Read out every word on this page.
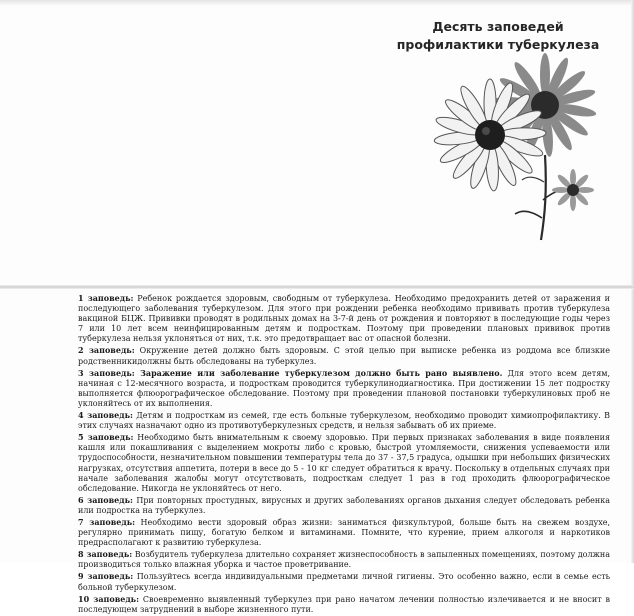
Десять заповедей
профилактики туберкулеза
1 заповедь: Ребенок рождается здоровым, свободным от туберкулеза. Необходимо предохранить детей от заражения и последующего заболевания туберкулезом. Для этого при рождении ребенка необходимо прививать против туберкулеза вакциной БЦЖ. Прививки проводят в родильных домах на 3-7-й день от рождения и повторяют в последующие годы через 7 или 10 лет всем неинфицированным детям и подросткам. Поэтому при проведении плановых прививок против туберкулеза нельзя уклоняться от них, т.к. это предотвращает вас от опасной болезни.
2 заповедь: Окружение детей должно быть здоровым. С этой целью при выписке ребенка из роддома все близкие родственникидолжны быть обследованы на туберкулез.
3 заповедь: Заражение или заболевание туберкулезом должно быть рано выявлено. Для этого всем детям, начиная с 12-месячного возраста, и подросткам проводится туберкулинодиагностика. При достижении 15 лет подростку выполняется флюорографическое обследование. Поэтому при проведении плановой постановки туберкулиновых проб не уклоняйтесь от их выполнения.
4 заповедь: Детям и подросткам из семей, где есть больные туберкулезом, необходимо проводит химиопрофилактику. В этих случаях назначают одно из противотуберкулезных средств, и нельзя забывать об их приеме.
5 заповедь: Необходимо быть внимательным к своему здоровью. При первых признаках заболевания в виде появления кашля или покашливания с выделением мокроты либо с кровью, быстрой утомляемости, снижения успеваемости или трудоспособности, незначительном повышении температуры тела до 37 - 37,5 градуса, одышки при небольших физических нагрузках, отсутствия аппетита, потери в весе до 5 - 10 кг следует обратиться к врачу. Поскольку в отдельных случаях при начале заболевания жалобы могут отсутствовать, подросткам следует 1 раз в год проходить флюорографическое обследование. Никогда не уклоняйтесь от него.
6 заповедь: При повторных простудных, вирусных и других заболеваниях органов дыхания следует обследовать ребенка или подростка на туберкулез.
7 заповедь: Необходимо вести здоровый образ жизни: заниматься физкультурой, больше быть на свежем воздухе, регулярно принимать пищу, богатую белком и витаминами. Помните, что курение, прием алкоголя и наркотиков предрасполагают к развитию туберкулеза.
8 заповедь: Возбудитель туберкулеза длительно сохраняет жизнеспособность в запыленных помещениях, поэтому должна производиться только влажная уборка и частое проветривание.
9 заповедь: Пользуйтесь всегда индивидуальными предметами личной гигиены. Это особенно важно, если в семье есть больной туберкулезом.
10 заповедь: Своевременно выявленный туберкулез при рано начатом лечении полностью излечивается и не вносит в последующем затруднений в выборе жизненного пути.
